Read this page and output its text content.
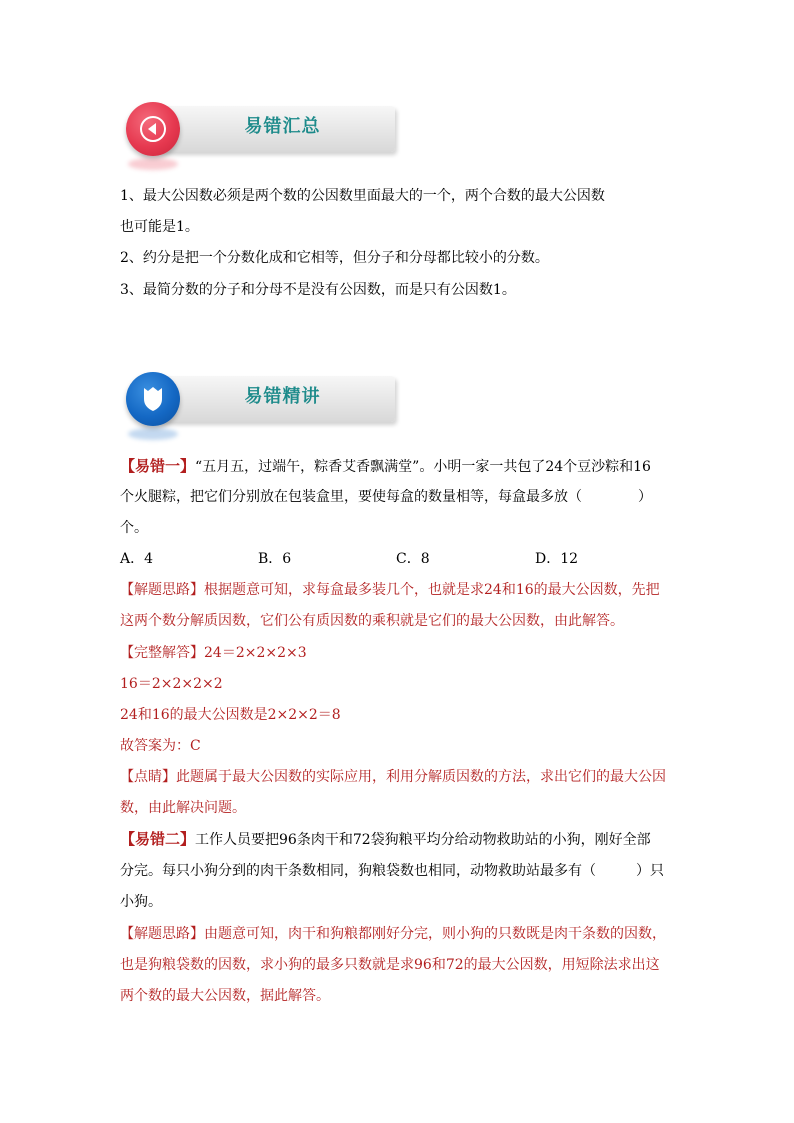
易错汇总
1、最大公因数必须是两个数的公因数里面最大的一个，两个合数的最大公因数
也可能是1。
2、约分是把一个分数化成和它相等，但分子和分母都比较小的分数。
3、最简分数的分子和分母不是没有公因数，而是只有公因数1。
易错精讲
【易错一】“五月五，过端午，粽香艾香飘满堂”。小明一家一共包了24个豆沙粽和16
个火腿粽，把它们分别放在包装盒里，要使每盒的数量相等，每盒最多放（	）
个。
A．4	B．6	C．8	D．12
【解题思路】根据题意可知，求每盒最多装几个，也就是求24和16的最大公因数，先把
这两个数分解质因数，它们公有质因数的乘积就是它们的最大公因数，由此解答。
【完整解答】24＝2×2×2×3
16＝2×2×2×2
24和16的最大公因数是2×2×2＝8
故答案为：C
【点睛】此题属于最大公因数的实际应用，利用分解质因数的方法，求出它们的最大公因
数，由此解决问题。
【易错二】工作人员要把96条肉干和72袋狗粮平均分给动物救助站的小狗，刚好全部
分完。每只小狗分到的肉干条数相同，狗粮袋数也相同，动物救助站最多有（	）只
小狗。
【解题思路】由题意可知，肉干和狗粮都刚好分完，则小狗的只数既是肉干条数的因数，
也是狗粮袋数的因数，求小狗的最多只数就是求96和72的最大公因数，用短除法求出这
两个数的最大公因数，据此解答。
